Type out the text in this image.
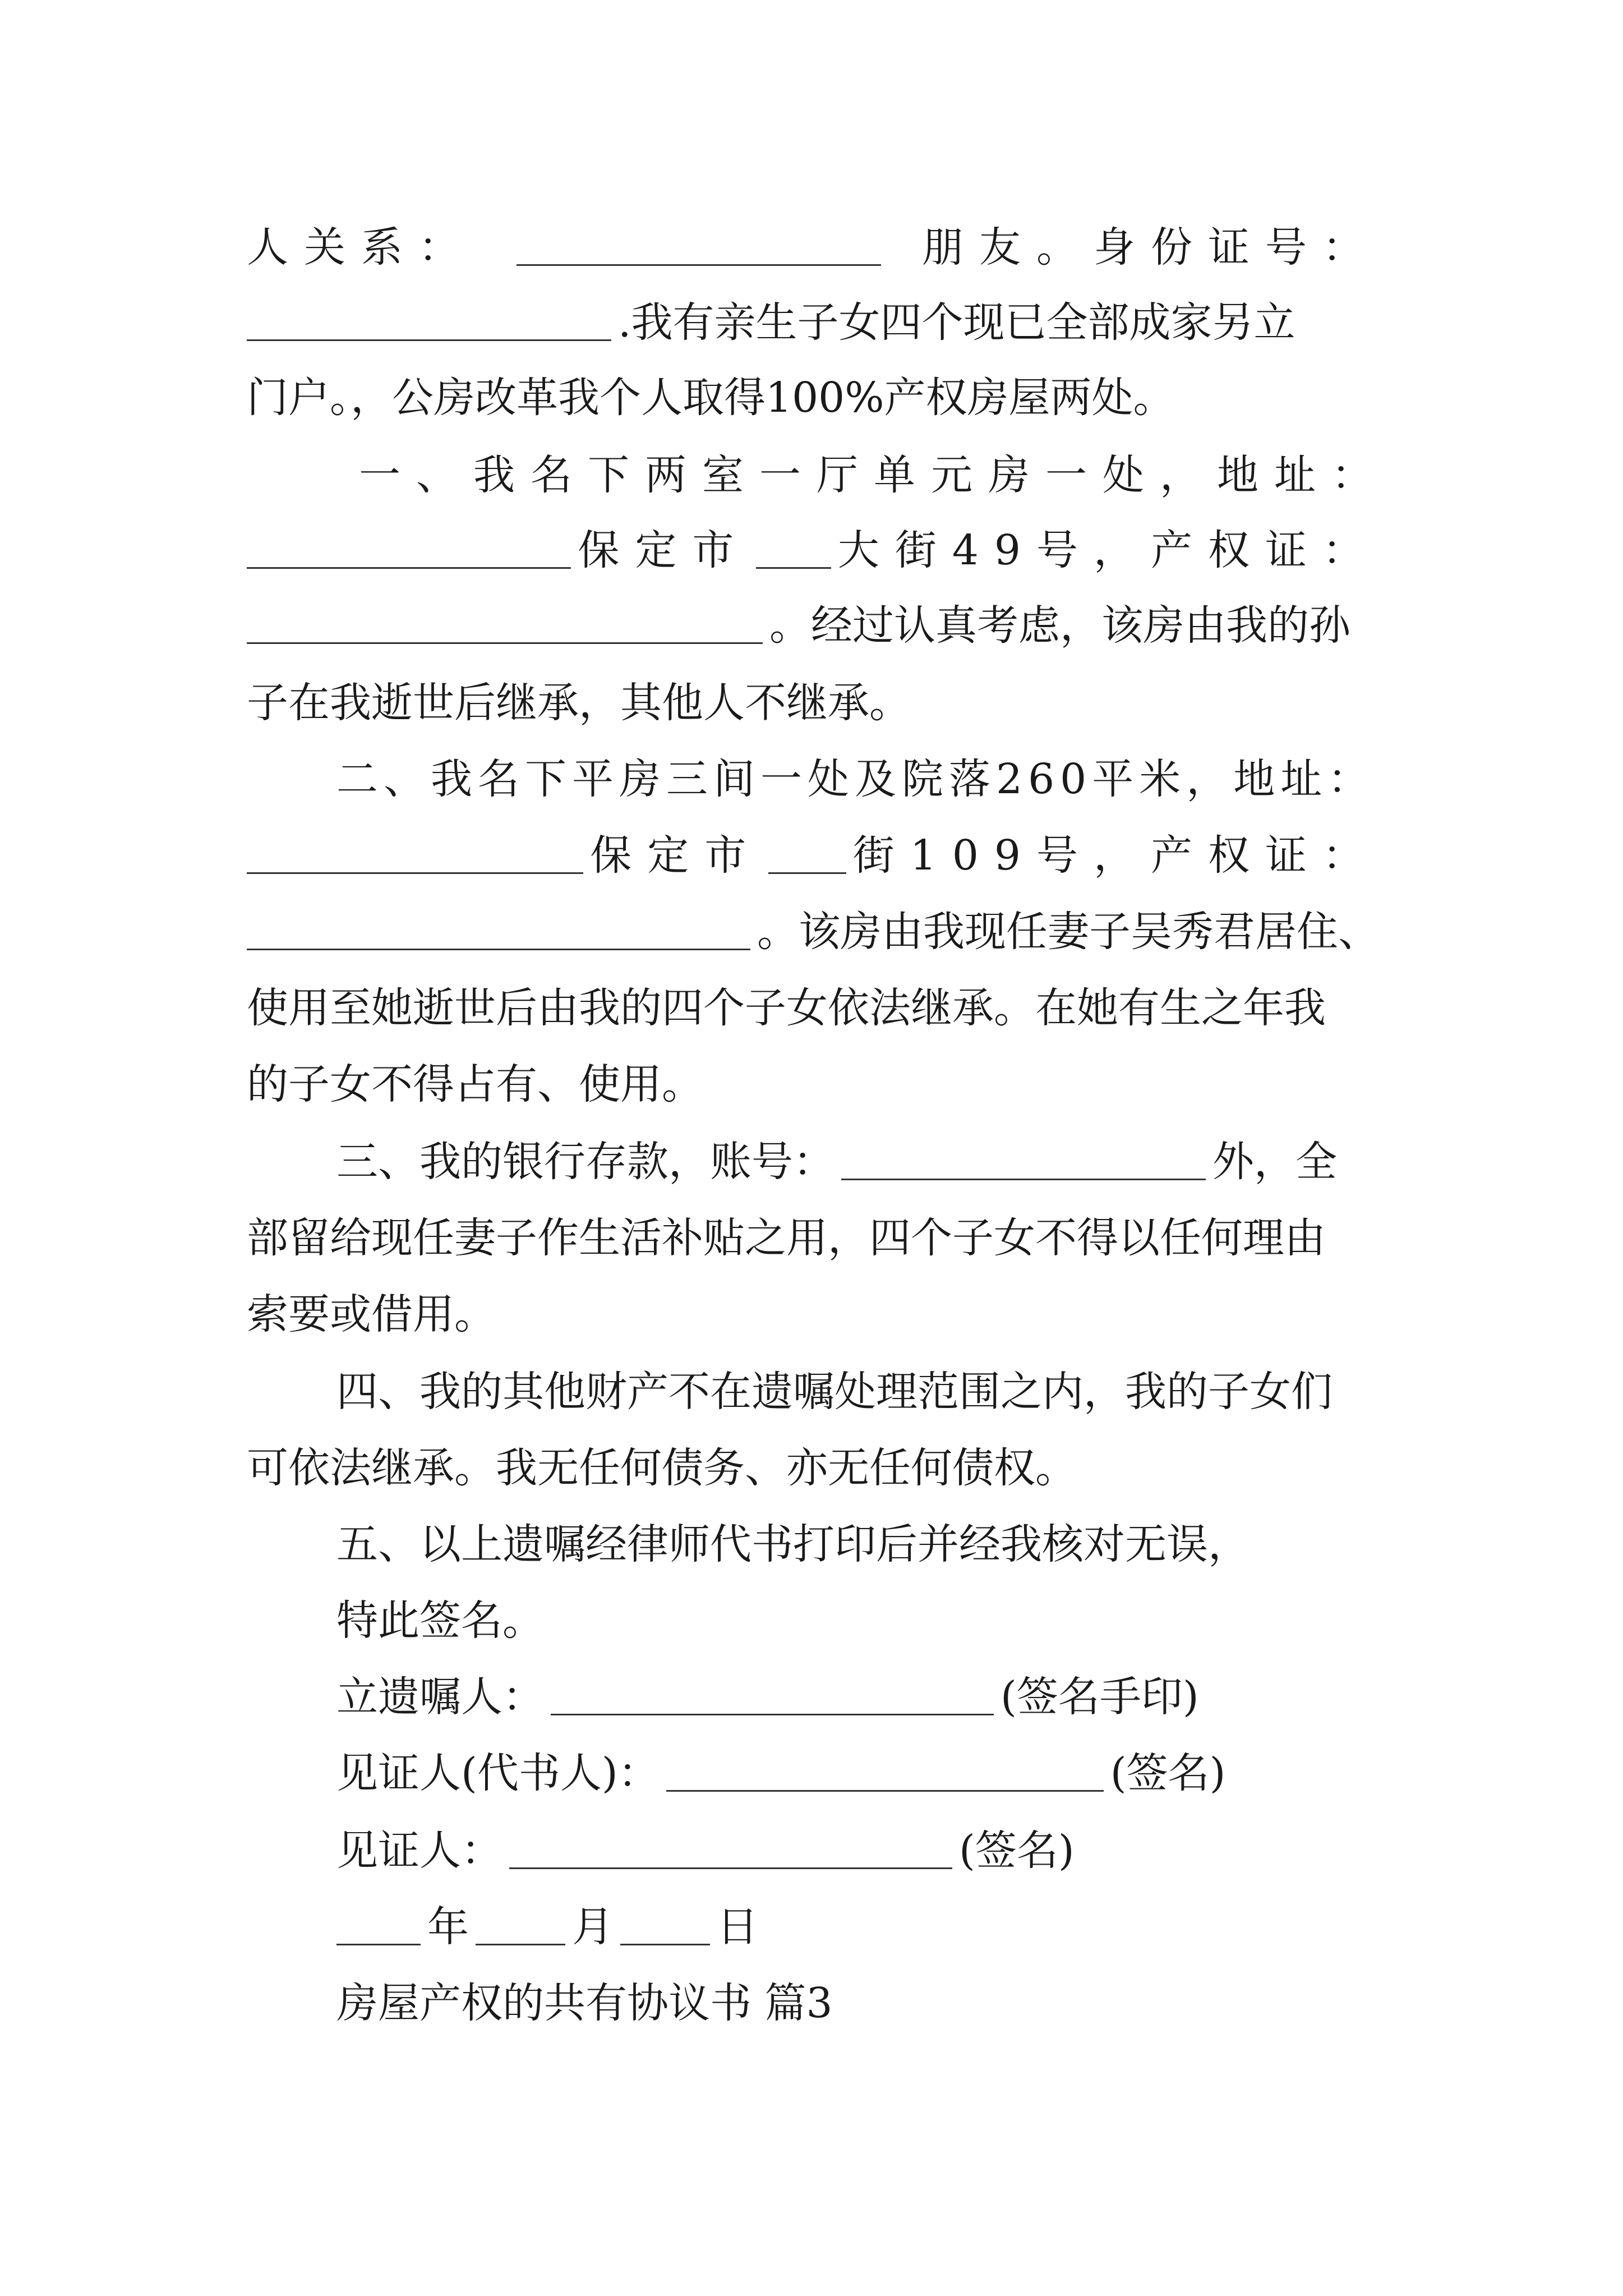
人关系：	朋友。身份证号：
.我有亲生子女四个现已全部成家另立
门户。，公房改革我个人取得100%产权房屋两处。
一、我名下两室一厅单元房一处，地址：
保定市 大街49号，产权证：
。经过认真考虑，该房由我的孙
子在我逝世后继承，其他人不继承。
二、我名下平房三间一处及院落260平米，地址：
保定市 街109号，产权证：
。该房由我现任妻子吴秀君居住、
使用至她逝世后由我的四个子女依法继承。在她有生之年我
的子女不得占有、使用。
三、我的银行存款，账号：	外，全
部留给现任妻子作生活补贴之用，四个子女不得以任何理由
索要或借用。
四、我的其他财产不在遗嘱处理范围之内，我的子女们
可依法继承。我无任何债务、亦无任何债权。
五、以上遗嘱经律师代书打印后并经我核对无误，
特此签名。
立遗嘱人：	(签名手印)
见证人(代书人)：	(签名)
见证人：	(签名)
年 月 日
房屋产权的共有协议书 篇3
